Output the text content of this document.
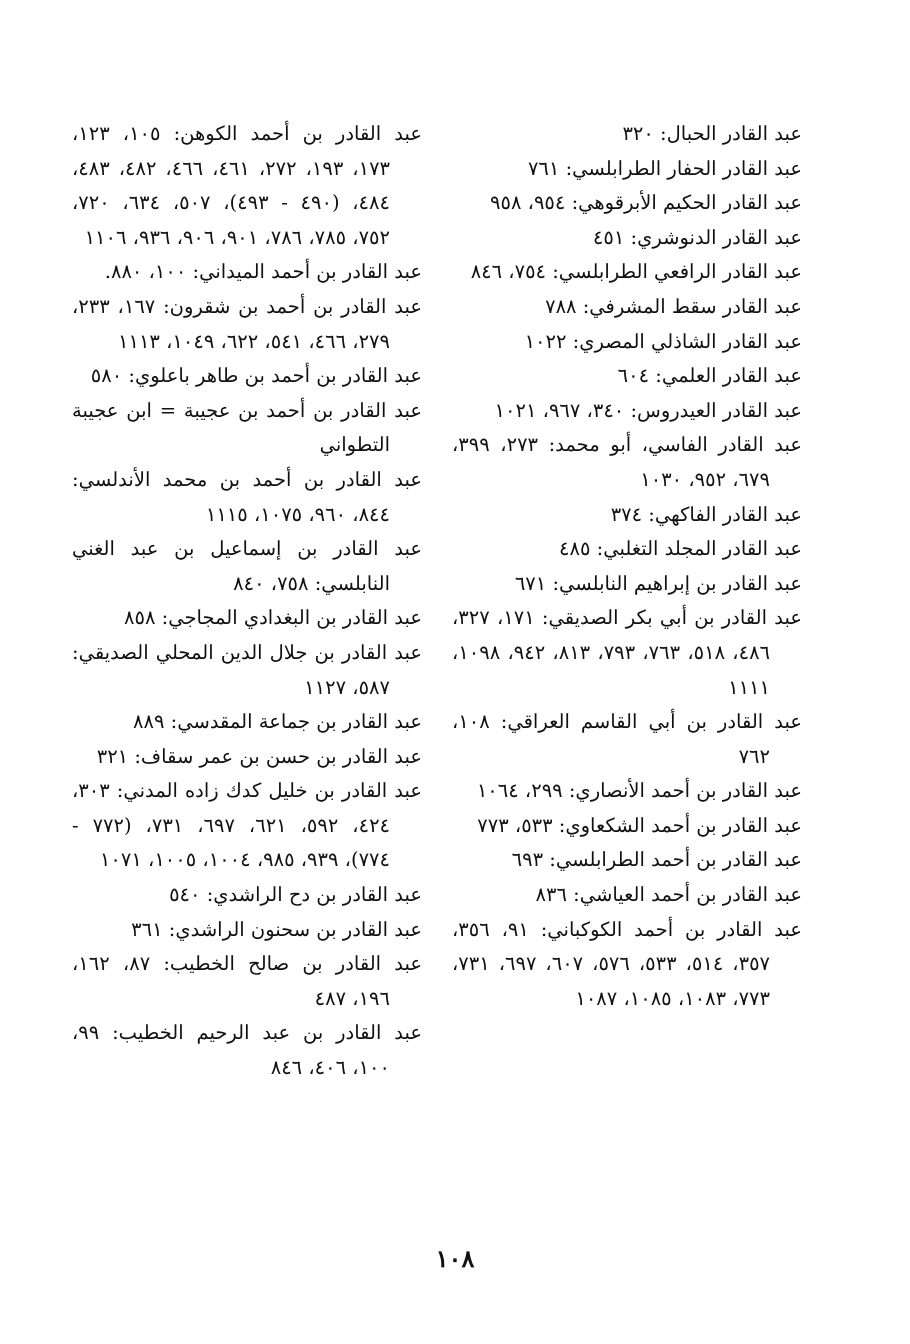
عبد القادر الحبال: ٣٢٠

عبد القادر الحفار الطرابلسي: ٧٦١

عبد القادر الحكيم الأبرقوهي: ٩٥٤، ٩٥٨

عبد القادر الدنوشري: ٤٥١

عبد القادر الرافعي الطرابلسي: ٧٥٤، ٨٤٦

عبد القادر سقط المشرفي: ٧٨٨

عبد القادر الشاذلي المصري: ١٠٢٢

عبد القادر العلمي: ٦٠٤

عبد القادر العيدروس: ٣٤٠، ٩٦٧، ١٠٢١

عبد القادر الفاسي، أبو محمد: ٢٧٣، ٣٩٩، ٦٧٩، ٩٥٢، ١٠٣٠

عبد القادر الفاكهي: ٣٧٤

عبد القادر المجلد التغلبي: ٤٨٥

عبد القادر بن إبراهيم النابلسي: ٦٧١

عبد القادر بن أبي بكر الصديقي: ١٧١، ٣٢٧، ٤٨٦، ٥١٨، ٧٦٣، ٧٩٣، ٨١٣، ٩٤٢، ١٠٩٨، ١١١١

عبد القادر بن أبي القاسم العراقي: ١٠٨، ٧٦٢

عبد القادر بن أحمد الأنصاري: ٢٩٩، ١٠٦٤

عبد القادر بن أحمد الشكعاوي: ٥٣٣، ٧٧٣

عبد القادر بن أحمد الطرابلسي: ٦٩٣

عبد القادر بن أحمد العياشي: ٨٣٦

عبد القادر بن أحمد الكوكباني: ٩١، ٣٥٦، ٣٥٧، ٥١٤، ٥٣٣، ٥٧٦، ٦٠٧، ٦٩٧، ٧٣١، ٧٧٣، ١٠٨٣، ١٠٨٥، ١٠٨٧

عبد القادر بن أحمد الكوهن: ١٠٥، ١٢٣، ١٧٣، ١٩٣، ٢٧٢، ٤٦١، ٤٦٦، ٤٨٢، ٤٨٣، ٤٨٤، (٤٩٠ - ٤٩٣)، ٥٠٧، ٦٣٤، ٧٢٠، ٧٥٢، ٧٨٥، ٧٨٦، ٩٠١، ٩٠٦، ٩٣٦، ١١٠٦

عبد القادر بن أحمد الميداني: ١٠٠، ٨٨٠.

عبد القادر بن أحمد بن شقرون: ١٦٧، ٢٣٣، ٢٧٩، ٤٦٦، ٥٤١، ٦٢٢، ١٠٤٩، ١١١٣

عبد القادر بن أحمد بن طاهر باعلوي: ٥٨٠

عبد القادر بن أحمد بن عجيبة = ابن عجيبة التطواني

عبد القادر بن أحمد بن محمد الأندلسي: ٨٤٤، ٩٦٠، ١٠٧٥، ١١١٥

عبد القادر بن إسماعيل بن عبد الغني النابلسي: ٧٥٨، ٨٤٠

عبد القادر بن البغدادي المجاجي: ٨٥٨

عبد القادر بن جلال الدين المحلي الصديقي: ٥٨٧، ١١٢٧

عبد القادر بن جماعة المقدسي: ٨٨٩

عبد القادر بن حسن بن عمر سقاف: ٣٢١

عبد القادر بن خليل كدك زاده المدني: ٣٠٣، ٤٢٤، ٥٩٢، ٦٢١، ٦٩٧، ٧٣١، (٧٧٢ - ٧٧٤)، ٩٣٩، ٩٨٥، ١٠٠٤، ١٠٠٥، ١٠٧١

عبد القادر بن دح الراشدي: ٥٤٠

عبد القادر بن سحنون الراشدي: ٣٦١

عبد القادر بن صالح الخطيب: ٨٧، ١٦٢، ١٩٦، ٤٨٧

عبد القادر بن عبد الرحيم الخطيب: ٩٩، ١٠٠، ٤٠٦، ٨٤٦

١٠٨
